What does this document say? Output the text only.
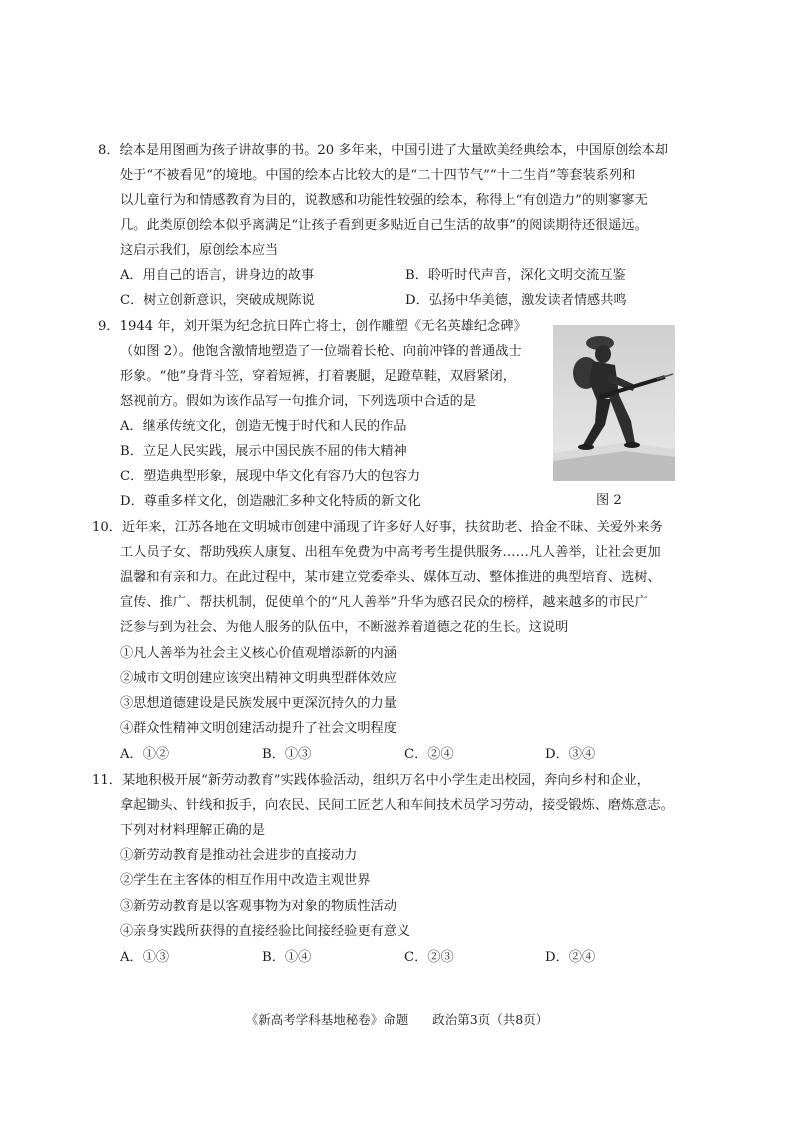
8．绘本是用图画为孩子讲故事的书。20 多年来，中国引进了大量欧美经典绘本，中国原创绘本却
处于“不被看见”的境地。中国的绘本占比较大的是“二十四节气”“十二生肖”等套装系列和
以儿童行为和情感教育为目的，说教感和功能性较强的绘本，称得上“有创造力”的则寥寥无
几。此类原创绘本似乎离满足“让孩子看到更多贴近自己生活的故事”的阅读期待还很遥远。
这启示我们，原创绘本应当
A．用自己的语言，讲身边的故事	B．聆听时代声音，深化文明交流互鉴
C．树立创新意识，突破成规陈说	D．弘扬中华美德，激发读者情感共鸣
9．1944 年，刘开渠为纪念抗日阵亡将士，创作雕塑《无名英雄纪念碑》
（如图 2）。他饱含激情地塑造了一位端着长枪、向前冲锋的普通战士
形象。“他”身背斗笠，穿着短裤，打着裹腿，足蹬草鞋，双唇紧闭，
怒视前方。假如为该作品写一句推介词，下列选项中合适的是
A．继承传统文化，创造无愧于时代和人民的作品
B．立足人民实践，展示中国民族不屈的伟大精神
C．塑造典型形象，展现中华文化有容乃大的包容力
D．尊重多样文化，创造融汇多种文化特质的新文化	图 2
10．近年来，江苏各地在文明城市创建中涌现了许多好人好事，扶贫助老、拾金不昧、关爱外来务
工人员子女、帮助残疾人康复、出租车免费为中高考考生提供服务……凡人善举，让社会更加
温馨和有亲和力。在此过程中，某市建立党委牵头、媒体互动、整体推进的典型培育、选树、
宣传、推广、帮扶机制，促使单个的“凡人善举”升华为感召民众的榜样，越来越多的市民广
泛参与到为社会、为他人服务的队伍中，不断滋养着道德之花的生长。这说明
①凡人善举为社会主义核心价值观增添新的内涵
②城市文明创建应该突出精神文明典型群体效应
③思想道德建设是民族发展中更深沉持久的力量
④群众性精神文明创建活动提升了社会文明程度
A．①②	B．①③	C．②④	D．③④
11．某地积极开展“新劳动教育”实践体验活动，组织万名中小学生走出校园，奔向乡村和企业，
拿起锄头、针线和扳手，向农民、民间工匠艺人和车间技术员学习劳动，接受锻炼、磨炼意志。
下列对材料理解正确的是
①新劳动教育是推动社会进步的直接动力
②学生在主客体的相互作用中改造主观世界
③新劳动教育是以客观事物为对象的物质性活动
④亲身实践所获得的直接经验比间接经验更有意义
A．①③	B．①④	C．②③	D．②④
《新高考学科基地秘卷》命题 政治第3页（共8页）
